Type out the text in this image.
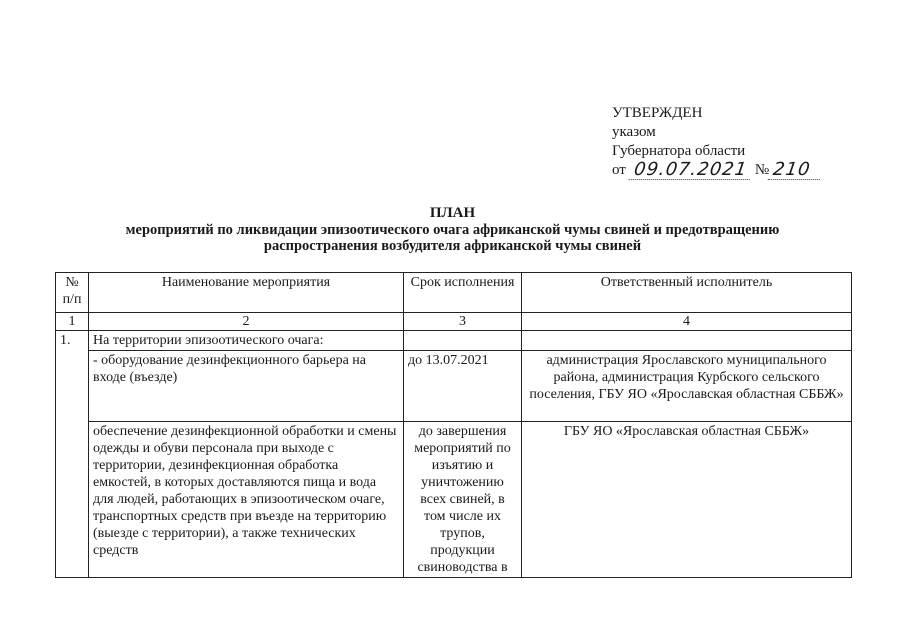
УТВЕРЖДЕН
указом
Губернатора области
от 09.07.2021 № 210
ПЛАН
мероприятий по ликвидации эпизоотического очага африканской чумы свиней и предотвращению
распространения возбудителя африканской чумы свиней
№ п/п	Наименование мероприятия	Срок исполнения	Ответственный исполнитель
1	2	3	4
1.	На территории эпизоотического очага:		
	- оборудование дезинфекционного барьера на входе (въезде)	до 13.07.2021	администрация Ярославского муниципального района, администрация Курбского сельского поселения, ГБУ ЯО «Ярославская областная СББЖ»
	обеспечение дезинфекционной обработки и смены одежды и обуви персонала при выходе с территории, дезинфекционная обработка емкостей, в которых доставляются пища и вода для людей, работающих в эпизоотическом очаге, транспортных средств при въезде на территорию (выезде с территории), а также технических средств	до завершения мероприятий по изъятию и уничтожению всех свиней, в том числе их трупов, продукции свиноводства в	ГБУ ЯО «Ярославская областная СББЖ»
